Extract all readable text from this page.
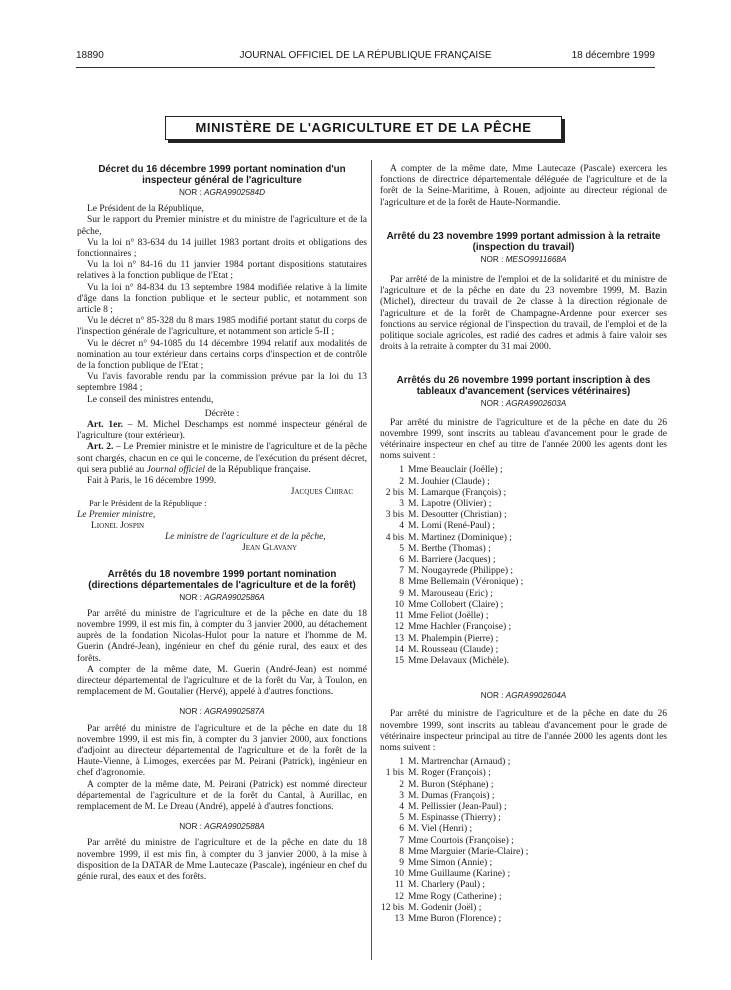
18890	JOURNAL OFFICIEL DE LA RÉPUBLIQUE FRANÇAISE	18 décembre 1999
MINISTÈRE DE L'AGRICULTURE ET DE LA PÊCHE
Décret du 16 décembre 1999 portant nomination d'un inspecteur général de l'agriculture
NOR : AGRA9902584D

Le Président de la République,

Sur le rapport du Premier ministre et du ministre de l'agriculture et de la pêche,

Vu la loi n° 83-634 du 14 juillet 1983 portant droits et obligations des fonctionnaires ;

Vu la loi n° 84-16 du 11 janvier 1984 portant dispositions statutaires relatives à la fonction publique de l'Etat ;

Vu la loi n° 84-834 du 13 septembre 1984 modifiée relative à la limite d'âge dans la fonction publique et le secteur public, et notamment son article 8 ;

Vu le décret n° 85-328 du 8 mars 1985 modifié portant statut du corps de l'inspection générale de l'agriculture, et notamment son article 5-II ;

Vu le décret n° 94-1085 du 14 décembre 1994 relatif aux modalités de nomination au tour extérieur dans certains corps d'inspection et de contrôle de la fonction publique de l'Etat ;

Vu l'avis favorable rendu par la commission prévue par la loi du 13 septembre 1984 ;

Le conseil des ministres entendu,

Décrète :

Art. 1er. – M. Michel Deschamps est nommé inspecteur général de l'agriculture (tour extérieur).

Art. 2. – Le Premier ministre et le ministre de l'agriculture et de la pêche sont chargés, chacun en ce qui le concerne, de l'exécution du présent décret, qui sera publié au Journal officiel de la République française.

Fait à Paris, le 16 décembre 1999.

Jacques Chirac

Par le Président de la République :

Le Premier ministre,

Lionel Jospin

Le ministre de l'agriculture et de la pêche,

Jean Glavany

Arrêtés du 18 novembre 1999 portant nomination (directions départementales de l'agriculture et de la forêt)
NOR : AGRA9902586A

Par arrêté du ministre de l'agriculture et de la pêche en date du 18 novembre 1999, il est mis fin, à compter du 3 janvier 2000, au détachement auprès de la fondation Nicolas-Hulot pour la nature et l'homme de M. Guerin (André-Jean), ingénieur en chef du génie rural, des eaux et des forêts.

A compter de la même date, M. Guerin (André-Jean) est nommé directeur départemental de l'agriculture et de la forêt du Var, à Toulon, en remplacement de M. Goutalier (Hervé), appelé à d'autres fonctions.

NOR : AGRA9902587A

Par arrêté du ministre de l'agriculture et de la pêche en date du 18 novembre 1999, il est mis fin, à compter du 3 janvier 2000, aux fonctions d'adjoint au directeur départemental de l'agriculture et de la forêt de la Haute-Vienne, à Limoges, exercées par M. Peirani (Patrick), ingénieur en chef d'agronomie.

A compter de la même date, M. Peirani (Patrick) est nommé directeur départemental de l'agriculture et de la forêt du Cantal, à Aurillac, en remplacement de M. Le Dreau (André), appelé à d'autres fonctions.

NOR : AGRA9902588A

Par arrêté du ministre de l'agriculture et de la pêche en date du 18 novembre 1999, il est mis fin, à compter du 3 janvier 2000, à la mise à disposition de la DATAR de Mme Lautecaze (Pascale), ingénieur en chef du génie rural, des eaux et des forêts.

A compter de la même date, Mme Lautecaze (Pascale) exercera les fonctions de directrice départementale déléguée de l'agriculture et de la forêt de la Seine-Maritime, à Rouen, adjointe au directeur régional de l'agriculture et de la forêt de Haute-Normandie.

Arrêté du 23 novembre 1999 portant admission à la retraite (inspection du travail)
NOR : MESO9911668A

Par arrêté de la ministre de l'emploi et de la solidarité et du ministre de l'agriculture et de la pêche en date du 23 novembre 1999, M. Bazin (Michel), directeur du travail de 2e classe à la direction régionale de l'agriculture et de la forêt de Champagne-Ardenne pour exercer ses fonctions au service régional de l'inspection du travail, de l'emploi et de la politique sociale agricoles, est radié des cadres et admis à faire valoir ses droits à la retraite à compter du 31 mai 2000.

Arrêtés du 26 novembre 1999 portant inscription à des tableaux d'avancement (services vétérinaires)
NOR : AGRA9902603A

Par arrêté du ministre de l'agriculture et de la pêche en date du 26 novembre 1999, sont inscrits au tableau d'avancement pour le grade de vétérinaire inspecteur en chef au titre de l'année 2000 les agents dont les noms suivent :

1 Mme Beauclair (Joëlle) ;
2 M. Jouhier (Claude) ;
2 bis M. Lamarque (François) ;
3 M. Lapotre (Olivier) ;
3 bis M. Desoutter (Christian) ;
4 M. Lomi (René-Paul) ;
4 bis M. Martinez (Dominique) ;
5 M. Berthe (Thomas) ;
6 M. Barriere (Jacques) ;
7 M. Nougayrede (Philippe) ;
8 Mme Bellemain (Véronique) ;
9 M. Marouseau (Eric) ;
10 Mme Collobert (Claire) ;
11 Mme Feliot (Joëlle) ;
12 Mme Hachler (Françoise) ;
13 M. Phalempin (Pierre) ;
14 M. Rousseau (Claude) ;
15 Mme Delavaux (Michèle).
NOR : AGRA9902604A

Par arrêté du ministre de l'agriculture et de la pêche en date du 26 novembre 1999, sont inscrits au tableau d'avancement pour le grade de vétérinaire inspecteur principal au titre de l'année 2000 les agents dont les noms suivent :

1 M. Martrenchar (Arnaud) ;
1 bis M. Roger (François) ;
2 M. Buron (Stéphane) ;
3 M. Dumas (François) ;
4 M. Pellissier (Jean-Paul) ;
5 M. Espinasse (Thierry) ;
6 M. Viel (Henri) ;
7 Mme Courtois (Françoise) ;
8 Mme Marguier (Marie-Claire) ;
9 Mme Simon (Annie) ;
10 Mme Guillaume (Karine) ;
11 M. Charlery (Paul) ;
12 Mme Rogy (Catherine) ;
12 bis M. Godenir (Joël) ;
13 Mme Buron (Florence) ;
